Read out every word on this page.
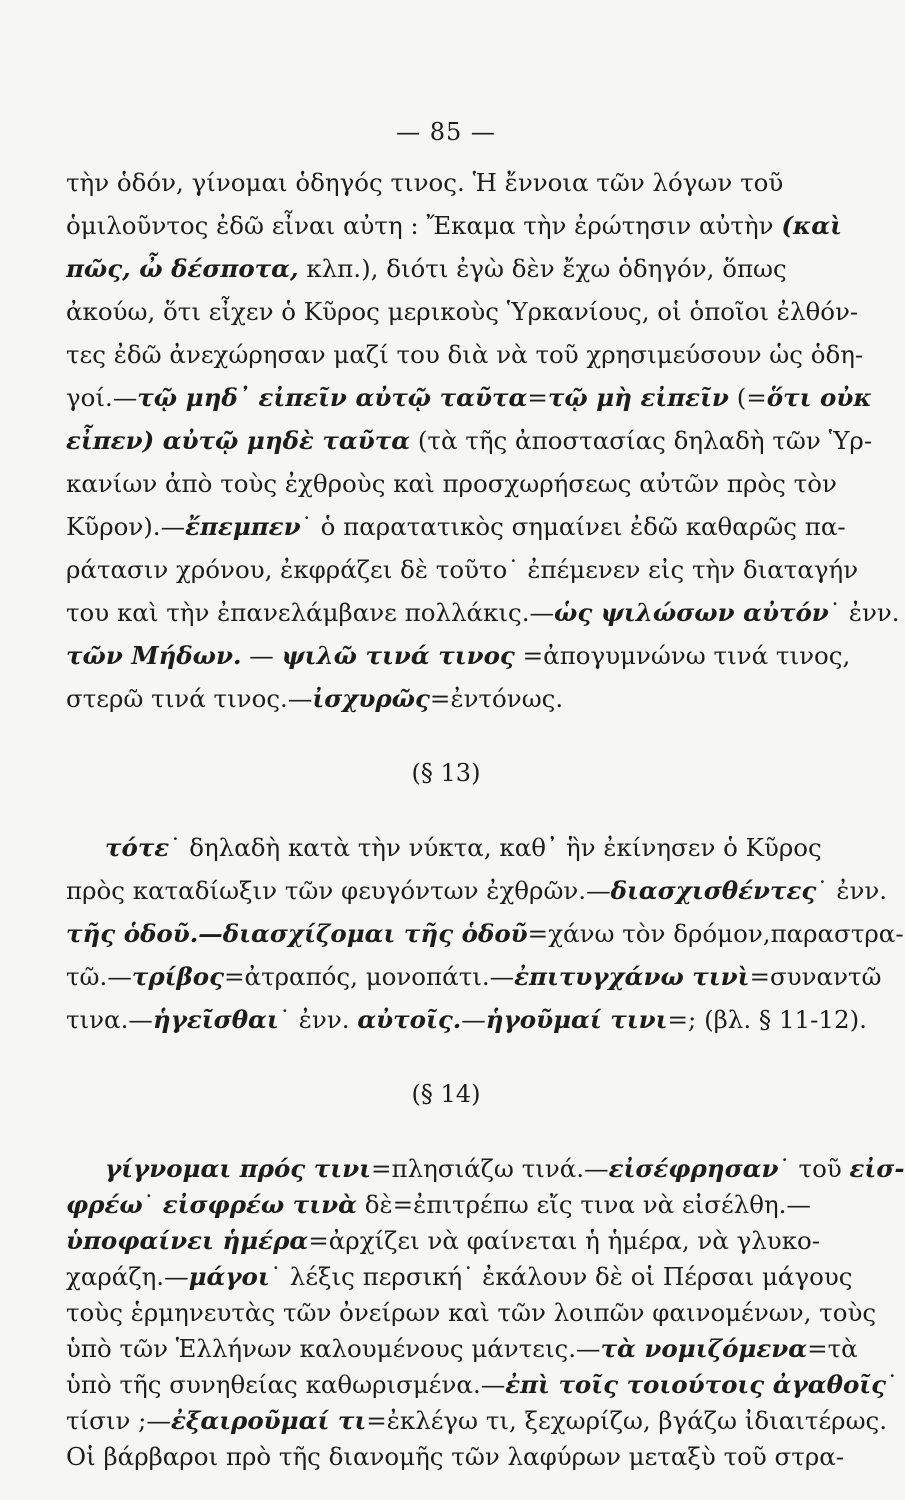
— 85 —
τὴν ὁδόν, γίνομαι ὁδηγός τινος. Ἡ ἔννοια τῶν λόγων τοῦ
ὁμιλοῦντος ἐδῶ εἶναι αὐτη : Ἔκαμα τὴν ἐρώτησιν αὐτὴν (καὶ
πῶς, ὦ δέσποτα, κλπ.), διότι ἐγὼ δὲν ἔχω ὁδηγόν, ὅπως
ἀκούω, ὅτι εἶχεν ὁ Κῦρος μερικοὺς Ὑρκανίους, οἱ ὁποῖοι ἐλθόν-
τες ἐδῶ ἀνεχώρησαν μαζί του διὰ νὰ τοῦ χρησιμεύσουν ὡς ὁδη-
γοί.—τῷ μηδ᾽ εἰπεῖν αὐτῷ ταῦτα=τῷ μὴ εἰπεῖν (=ὅτι οὐκ
εἶπεν) αὐτῷ μηδὲ ταῦτα (τὰ τῆς ἀποστασίας δηλαδὴ τῶν Ὑρ-
κανίων ἀπὸ τοὺς ἐχθροὺς καὶ προσχωρήσεως αὐτῶν πρὸς τὸν
Κῦρον).—ἔπεμπεν˙ ὁ παρατατικὸς σημαίνει ἐδῶ καθαρῶς πα-
ράτασιν χρόνου, ἐκφράζει δὲ τοῦτο˙ ἐπέμενεν εἰς τὴν διαταγήν
του καὶ τὴν ἐπανελάμβανε πολλάκις.—ὡς ψιλώσων αὐτόν˙ ἐνν.
τῶν Μήδων. — ψιλῶ τινά τινος =ἀπογυμνώνω τινά τινος,
στερῶ τινά τινος.—ἰσχυρῶς=ἐντόνως.
(§ 13)
τότε˙ δηλαδὴ κατὰ τὴν νύκτα, καθ᾽ ἣν ἐκίνησεν ὁ Κῦρος
πρὸς καταδίωξιν τῶν φευγόντων ἐχθρῶν.—διασχισθέντες˙ ἐνν.
τῆς ὁδοῦ.—διασχίζομαι τῆς ὁδοῦ=χάνω τὸν δρόμον,παραστρα-
τῶ.—τρίβος=ἀτραπός, μονοπάτι.—ἐπιτυγχάνω τινὶ=συναντῶ
τινα.—ἡγεῖσθαι˙ ἐνν. αὐτοῖς.—ἡγοῦμαί τινι=; (βλ. § 11-12).
(§ 14)
γίγνομαι πρός τινι=πλησιάζω τινά.—εἰσέφρησαν˙ τοῦ εἰσ-
φρέω˙ εἰσφρέω τινὰ δὲ=ἐπιτρέπω εἴς τινα νὰ εἰσέλθη.—
ὑποφαίνει ἡμέρα=ἀρχίζει νὰ φαίνεται ἡ ἡμέρα, νὰ γλυκο-
χαράζη.—μάγοι˙ λέξις περσική˙ ἐκάλουν δὲ οἱ Πέρσαι μάγους
τοὺς ἑρμηνευτὰς τῶν ὀνείρων καὶ τῶν λοιπῶν φαινομένων, τοὺς
ὑπὸ τῶν Ἑλλήνων καλουμένους μάντεις.—τὰ νομιζόμενα=τὰ
ὑπὸ τῆς συνηθείας καθωρισμένα.—ἐπὶ τοῖς τοιούτοις ἀγαθοῖς˙
τίσιν ;—ἐξαιροῦμαί τι=ἐκλέγω τι, ξεχωρίζω, βγάζω ἰδιαιτέρως.
Οἱ βάρβαροι πρὸ τῆς διανομῆς τῶν λαφύρων μεταξὺ τοῦ στρα-
